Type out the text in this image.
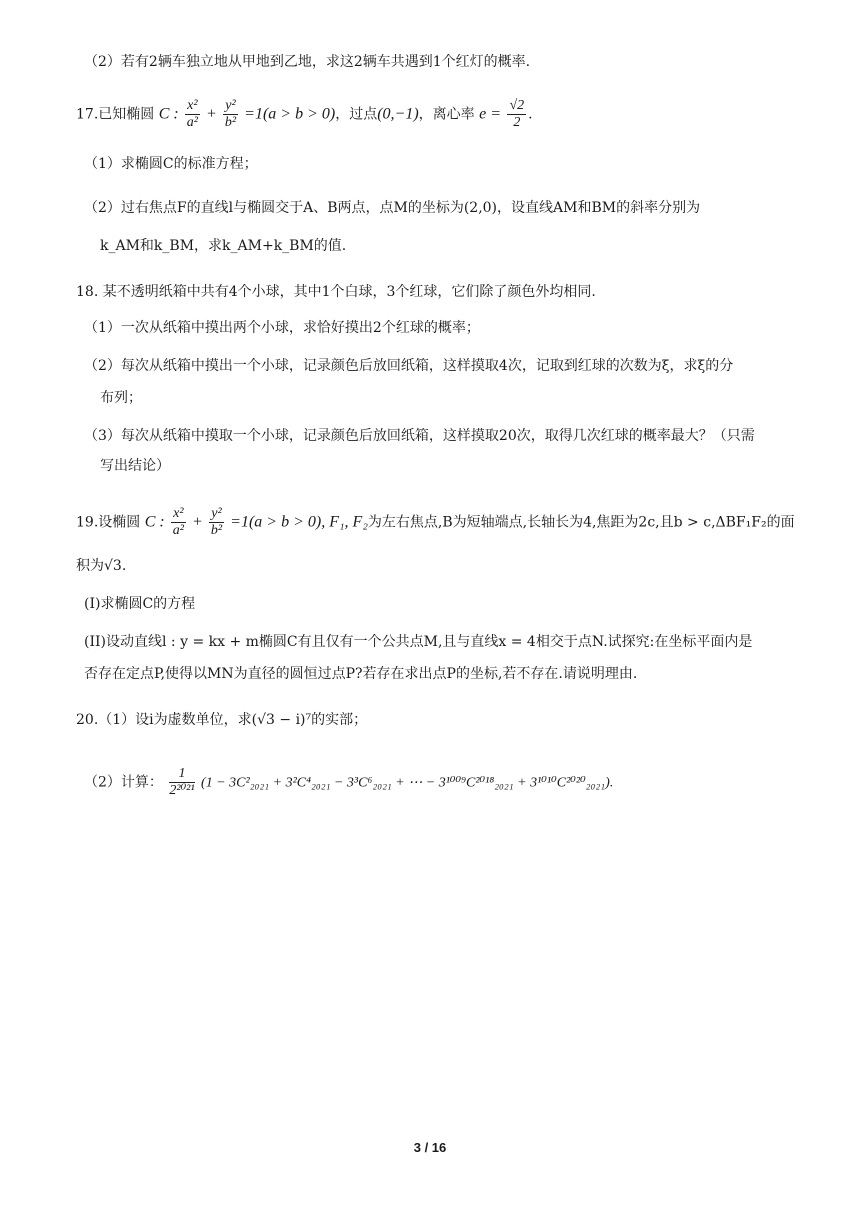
（2）若有2辆车独立地从甲地到乙地，求这2辆车共遇到1个红灯的概率.
17.已知椭圆 C : $\frac{\text{x²}}{\text{a²}} + \frac{\text{y²}}{\text{b²}} =1(a > b > 0)$，过点(0,−1)，离心率 $e = \frac{√2}{2}$ .
（1）求椭圆C的标准方程；
（2）过右焦点F的直线l与椭圆交于A、B两点，点M的坐标为(2,0)，设直线AM和BM的斜率分别为
k_AM和k_BM，求k_AM+k_BM的值.
18. 某不透明纸箱中共有4个小球，其中1个白球，3个红球，它们除了颜色外均相同.
（1）一次从纸箱中摸出两个小球，求恰好摸出2个红球的概率；
（2）每次从纸箱中摸出一个小球，记录颜色后放回纸箱，这样摸取4次，记取到红球的次数为ξ，求ξ的分
布列；
（3）每次从纸箱中摸取一个小球，记录颜色后放回纸箱，这样摸取20次，取得几次红球的概率最大？（只需
写出结论）
19.设椭圆 C : $\frac{\text{x²}}{\text{a²}} + \frac{\text{y²}}{\text{b²}} =1(a > b > 0)$, F₁, F₂为左右焦点,B为短轴端点,长轴长为4,焦距为2c,且b > c,ΔBF₁F₂的面
积为√3.
(I)求椭圆C的方程
(II)设动直线l : y = kx + m椭圆C有且仅有一个公共点M,且与直线x = 4相交于点N.试探究:在坐标平面内是
否存在定点P,使得以MN为直径的圆恒过点P?若存在求出点P的坐标,若不存在.请说明理由.
20.（1）设i为虚数单位，求(√3 − i)⁷的实部；
（2）计算： $\frac{1}{\text{2²⁰²¹}} (1 - 3C^2_{2021} + 3^2C^4_{2021} - 3^3C^6_{2021}$ + ⋯ − 3¹⁰⁰⁹C²⁰¹⁸₂₀₂₁ + 3¹⁰¹⁰C²⁰²⁰₂₀₂₁).
3 / 16
